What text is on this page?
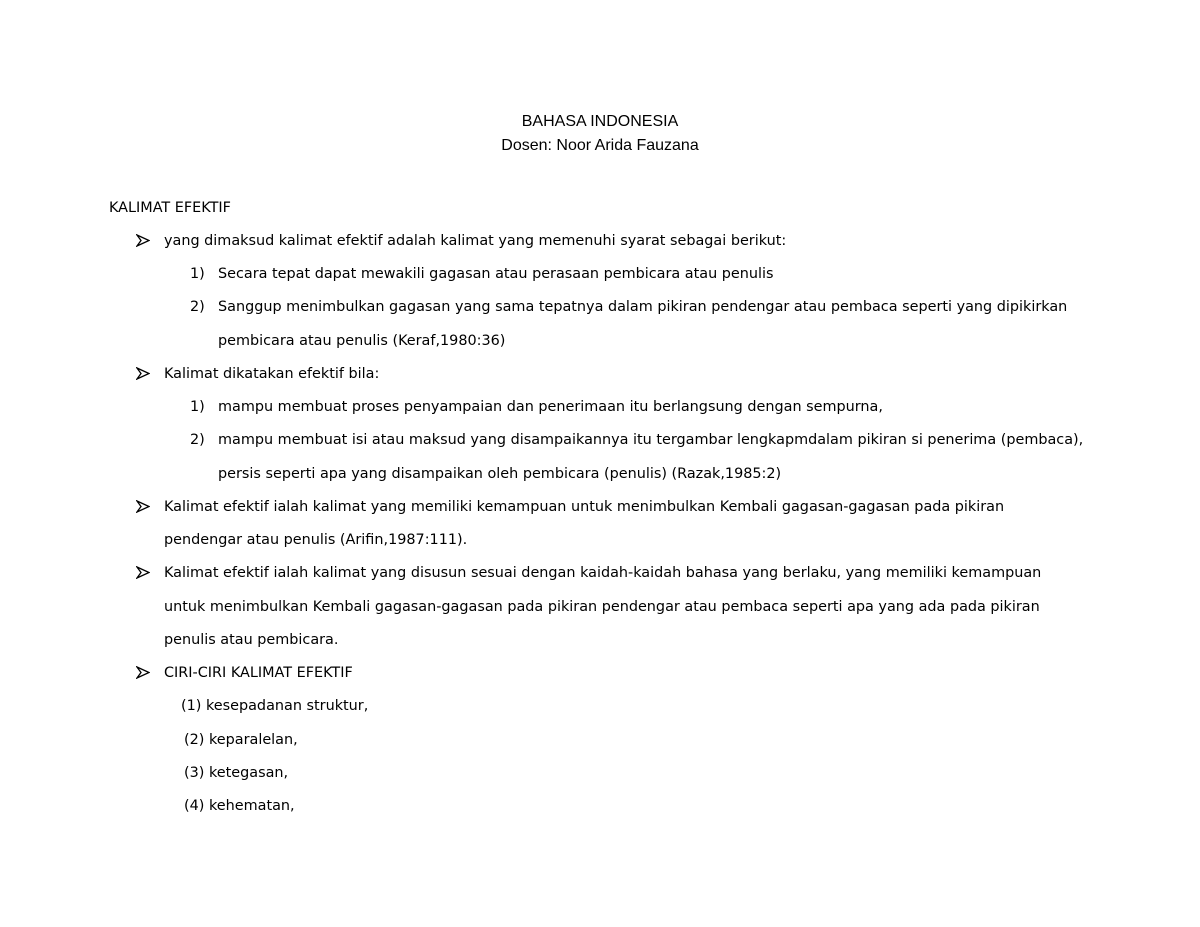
BAHASA INDONESIA
Dosen: Noor Arida Fauzana
KALIMAT EFEKTIF
yang dimaksud kalimat efektif adalah kalimat yang memenuhi syarat sebagai berikut:
1) Secara tepat dapat mewakili gagasan atau perasaan pembicara atau penulis
2) Sanggup menimbulkan gagasan yang sama tepatnya dalam pikiran pendengar atau pembaca seperti yang dipikirkan
pembicara atau penulis (Keraf,1980:36)
Kalimat dikatakan efektif bila:
1) mampu membuat proses penyampaian dan penerimaan itu berlangsung dengan sempurna,
2) mampu membuat isi atau maksud yang disampaikannya itu tergambar lengkapmdalam pikiran si penerima (pembaca),
persis seperti apa yang disampaikan oleh pembicara (penulis) (Razak,1985:2)
Kalimat efektif ialah kalimat yang memiliki kemampuan untuk menimbulkan Kembali gagasan-gagasan pada pikiran
pendengar atau penulis (Arifin,1987:111).
Kalimat efektif ialah kalimat yang disusun sesuai dengan kaidah-kaidah bahasa yang berlaku, yang memiliki kemampuan
untuk menimbulkan Kembali gagasan-gagasan pada pikiran pendengar atau pembaca seperti apa yang ada pada pikiran
penulis atau pembicara.
CIRI-CIRI KALIMAT EFEKTIF
(1) kesepadanan struktur,
(2) keparalelan,
(3) ketegasan,
(4) kehematan,
